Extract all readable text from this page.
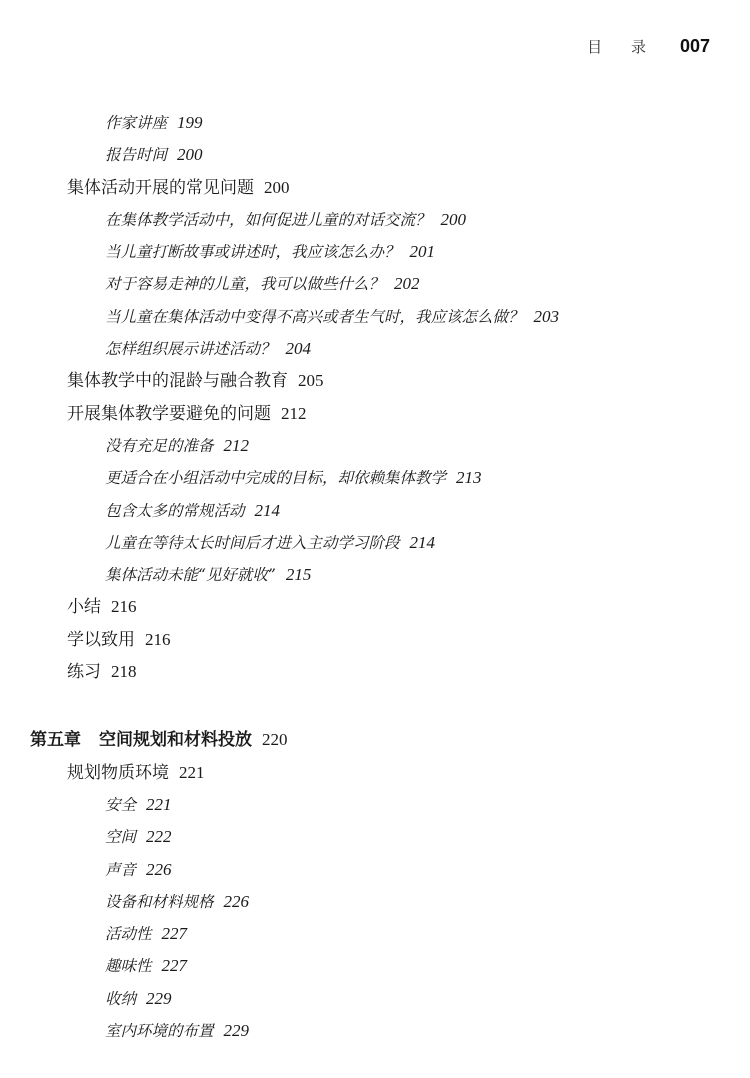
目 录 007
作家讲座 199
报告时间 200
集体活动开展的常见问题 200
在集体教学活动中，如何促进儿童的对话交流？ 200
当儿童打断故事或讲述时，我应该怎么办？ 201
对于容易走神的儿童，我可以做些什么？ 202
当儿童在集体活动中变得不高兴或者生气时，我应该怎么做？ 203
怎样组织展示讲述活动？ 204
集体教学中的混龄与融合教育 205
开展集体教学要避免的问题 212
没有充足的准备 212
更适合在小组活动中完成的目标，却依赖集体教学 213
包含太多的常规活动 214
儿童在等待太长时间后才进入主动学习阶段 214
集体活动未能“见好就收” 215
小结 216
学以致用 216
练习 218
第五章 空间规划和材料投放 220
规划物质环境 221
安全 221
空间 222
声音 226
设备和材料规格 226
活动性 227
趣味性 227
收纳 229
室内环境的布置 229
